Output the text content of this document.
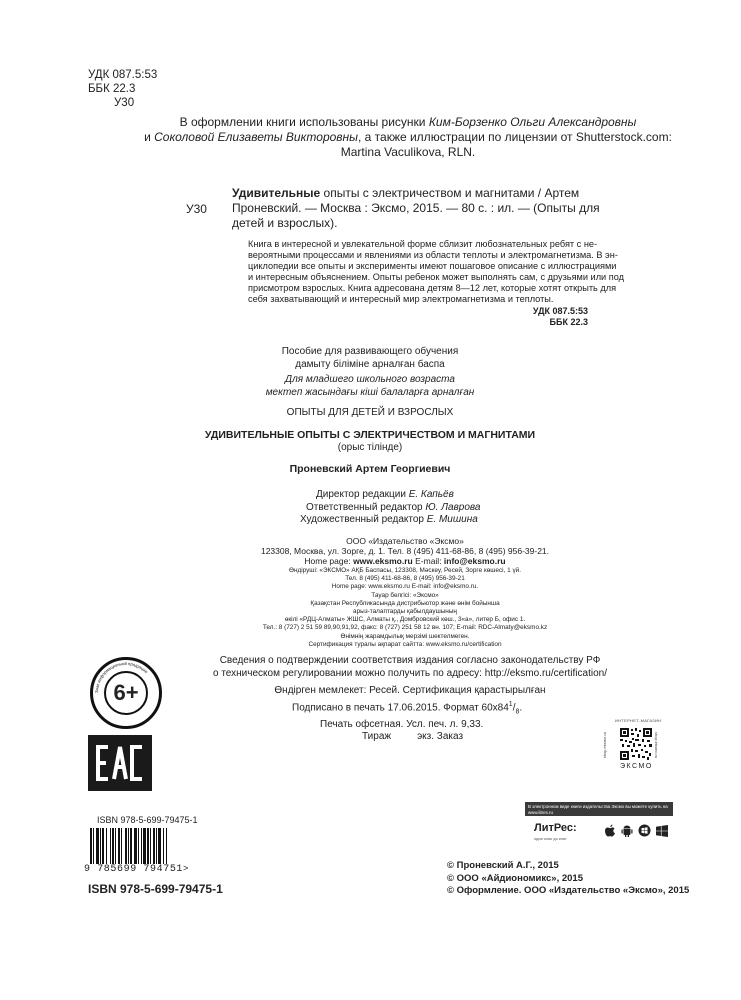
УДК 087.5:53
ББК 22.3
У30
В оформлении книги использованы рисунки Ким-Борзенко Ольги Александровны
и Соколовой Елизаветы Викторовны, а также иллюстрации по лицензии от Shutterstock.com:
Martina Vaculikova, RLN.
У30
Удивительные опыты с электричеством и магнитами / Артем
Проневский. — Москва : Эксмо, 2015. — 80 с. : ил. — (Опыты для
детей и взрослых).
Книга в интересной и увлекательной форме сблизит любознательных ребят с не-
вероятными процессами и явлениями из области теплоты и электромагнетизма. В эн-
циклопедии все опыты и эксперименты имеют пошаговое описание с иллюстрациями
и интересным объяснением. Опыты ребенок может выполнять сам, с друзьями или под
присмотром взрослых. Книга адресована детям 8—12 лет, которые хотят открыть для
себя захватывающий и интересный мир электромагнетизма и теплоты.
УДК 087.5:53
ББК 22.3
Пособие для развивающего обучения
дамыту біліміне арналған баспа
Для младшего школьного возраста
мектеп жасындағы кіші балаларға арналған
ОПЫТЫ ДЛЯ ДЕТЕЙ И ВЗРОСЛЫХ
УДИВИТЕЛЬНЫЕ ОПЫТЫ С ЭЛЕКТРИЧЕСТВОМ И МАГНИТАМИ
(орыс тілінде)
Проневский Артем Георгиевич
Директор редакции Е. Капьёв
Ответственный редактор Ю. Лаврова
Художественный редактор Е. Мишина
ООО «Издательство «Эксмо»
123308, Москва, ул. Зорге, д. 1. Тел. 8 (495) 411-68-86, 8 (495) 956-39-21.
Home page: www.eksmo.ru E-mail: info@eksmo.ru
Өндіруші: «ЭКСМО» АҚБ Баспасы, 123308, Мәскеу, Ресей, Зорге көшесі, 1 үй.
Тел. 8 (495) 411-68-86, 8 (495) 956-39-21
Home page: www.eksmo.ru E-mail: info@eksmo.ru.
Тауар белгісі: «Эксмо»
Қазақстан Республикасында дистрибьютор және өнім бойынша
арыз-талаптарды қабылдаушының
өкілі «РДЦ-Алматы» ЖШС, Алматы қ., Домбровский көш., 3«а», литер Б, офис 1.
Тел.: 8 (727) 2 51 59 89,90,91,92, факс: 8 (727) 251 58 12 вн. 107; E-mail: RDC-Almaty@eksmo.kz
Өнімнің жарамдылық мерзімі шектелмеген.
Сертификация туралы ақпарат сайтта: www.eksmo.ru/certification
Сведения о подтверждении соответствия издания согласно законодательству РФ
о техническом регулировании можно получить по адресу: http://eksmo.ru/certification/
Өндірген мемлекет: Ресей. Сертификация қарастырылған
Подписано в печать 17.06.2015. Формат $60x84^1/_8$.
Печать офсетная. Усл. печ. л. 9,33.
Тираж	экз. Заказ
Знак информационной продукции
6+
ISBN 978-5-699-79475-1
9 785699 794751>
ISBN 978-5-699-79475-1
ИНТЕРНЕТ-МАГАЗИН
shop.eksmo.ru	shop.eksmo.ru
ЭКСМО
В электронном виде книги издательства Эксмо вы можете купить на www.litres.ru
ЛитРес:
один клик до книг
© Проневский А.Г., 2015
© ООО «Айдиономикс», 2015
© Оформление. ООО «Издательство «Эксмо», 2015
